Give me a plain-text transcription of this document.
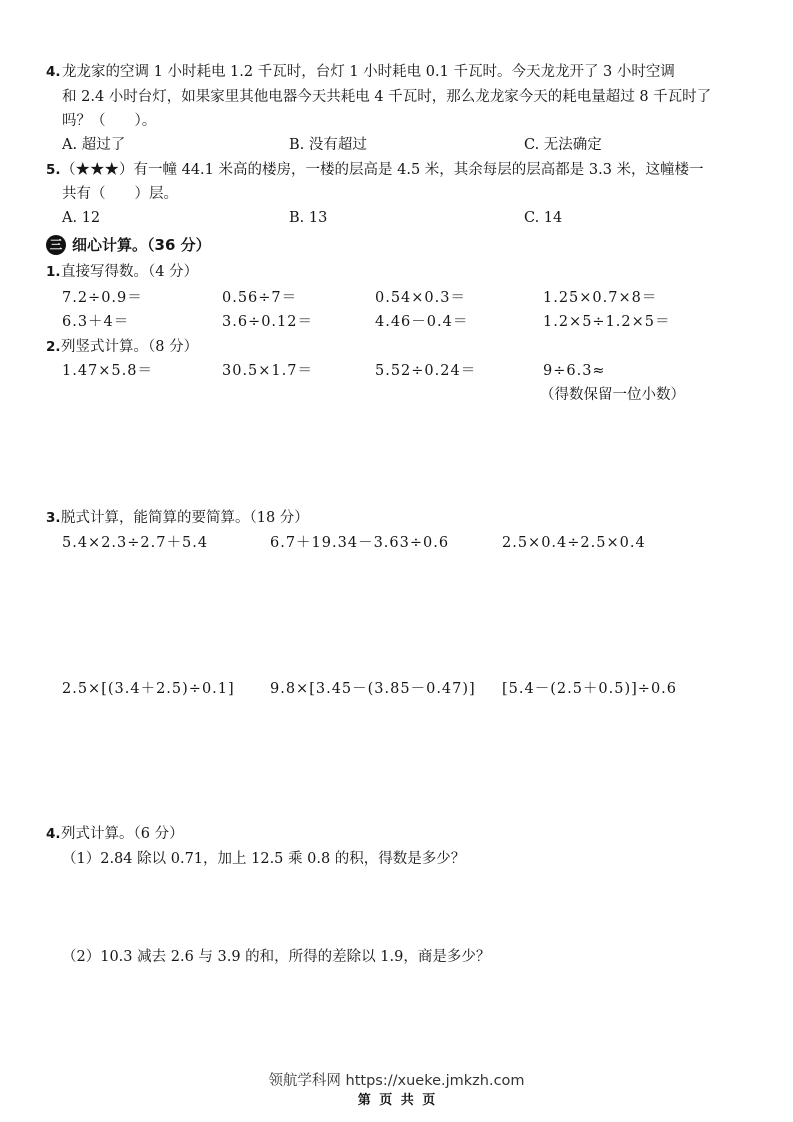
4. 龙龙家的空调 1 小时耗电 1.2 千瓦时，台灯 1 小时耗电 0.1 千瓦时。今天龙龙开了 3 小时空调
和 2.4 小时台灯，如果家里其他电器今天共耗电 4 千瓦时，那么龙龙家今天的耗电量超过 8 千瓦时了
吗？（　　）。
A. 超过了	B. 没有超过	C. 无法确定
5. （★★★）有一幢 44.1 米高的楼房，一楼的层高是 4.5 米，其余每层的层高都是 3.3 米，这幢楼一
共有（　　）层。
A. 12	B. 13	C. 14
三 细心计算。（36 分）
1. 直接写得数。（4 分）
7.2÷0.9＝	0.56÷7＝	0.54×0.3＝	1.25×0.7×8＝
6.3＋4＝	3.6÷0.12＝	4.46－0.4＝	1.2×5÷1.2×5＝
2. 列竖式计算。（8 分）
1.47×5.8＝	30.5×1.7＝	5.52÷0.24＝	9÷6.3≈
（得数保留一位小数）
3. 脱式计算，能简算的要简算。（18 分）
5.4×2.3÷2.7＋5.4	6.7＋19.34－3.63÷0.6	2.5×0.4÷2.5×0.4
2.5×[(3.4＋2.5)÷0.1] 9.8×[3.45－(3.85－0.47)] [5.4－(2.5＋0.5)]÷0.6
4. 列式计算。（6 分）
（1）2.84 除以 0.71，加上 12.5 乘 0.8 的积，得数是多少？
（2）10.3 减去 2.6 与 3.9 的和，所得的差除以 1.9，商是多少？
领航学科网 https://xueke.jmkzh.com
第 页 共 页
